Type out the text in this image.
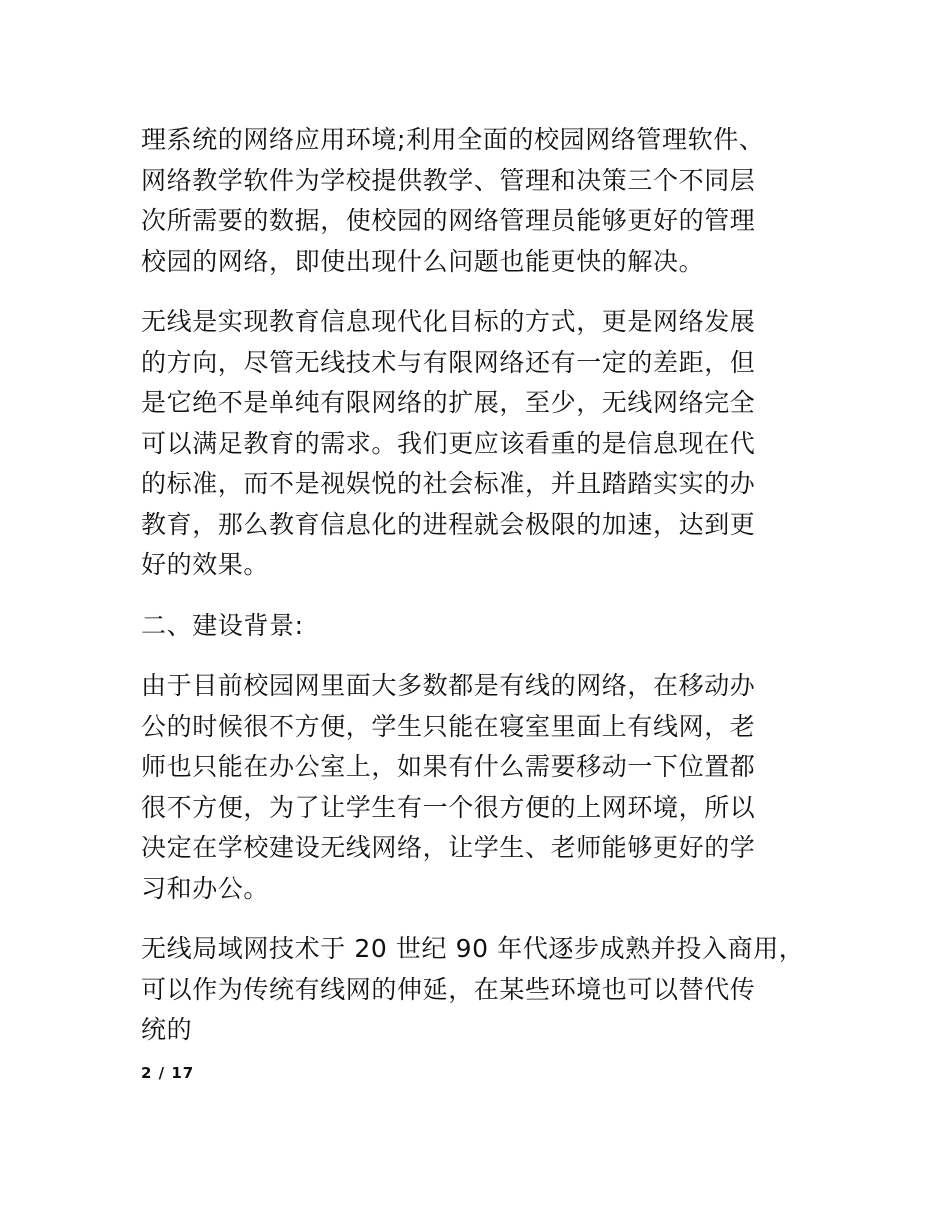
理系统的网络应用环境;利用全面的校园网络管理软件、
网络教学软件为学校提供教学、管理和决策三个不同层
次所需要的数据，使校园的网络管理员能够更好的管理
校园的网络，即使出现什么问题也能更快的解决。
无线是实现教育信息现代化目标的方式，更是网络发展
的方向，尽管无线技术与有限网络还有一定的差距，但
是它绝不是单纯有限网络的扩展，至少，无线网络完全
可以满足教育的需求。我们更应该看重的是信息现在代
的标准，而不是视娱悦的社会标准，并且踏踏实实的办
教育，那么教育信息化的进程就会极限的加速，达到更
好的效果。
二、建设背景:
由于目前校园网里面大多数都是有线的网络，在移动办
公的时候很不方便，学生只能在寝室里面上有线网，老
师也只能在办公室上，如果有什么需要移动一下位置都
很不方便，为了让学生有一个很方便的上网环境，所以
决定在学校建设无线网络，让学生、老师能够更好的学
习和办公。
无线局域网技术于 20 世纪 90 年代逐步成熟并投入商用，
可以作为传统有线网的伸延，在某些环境也可以替代传
统的
2 / 17
